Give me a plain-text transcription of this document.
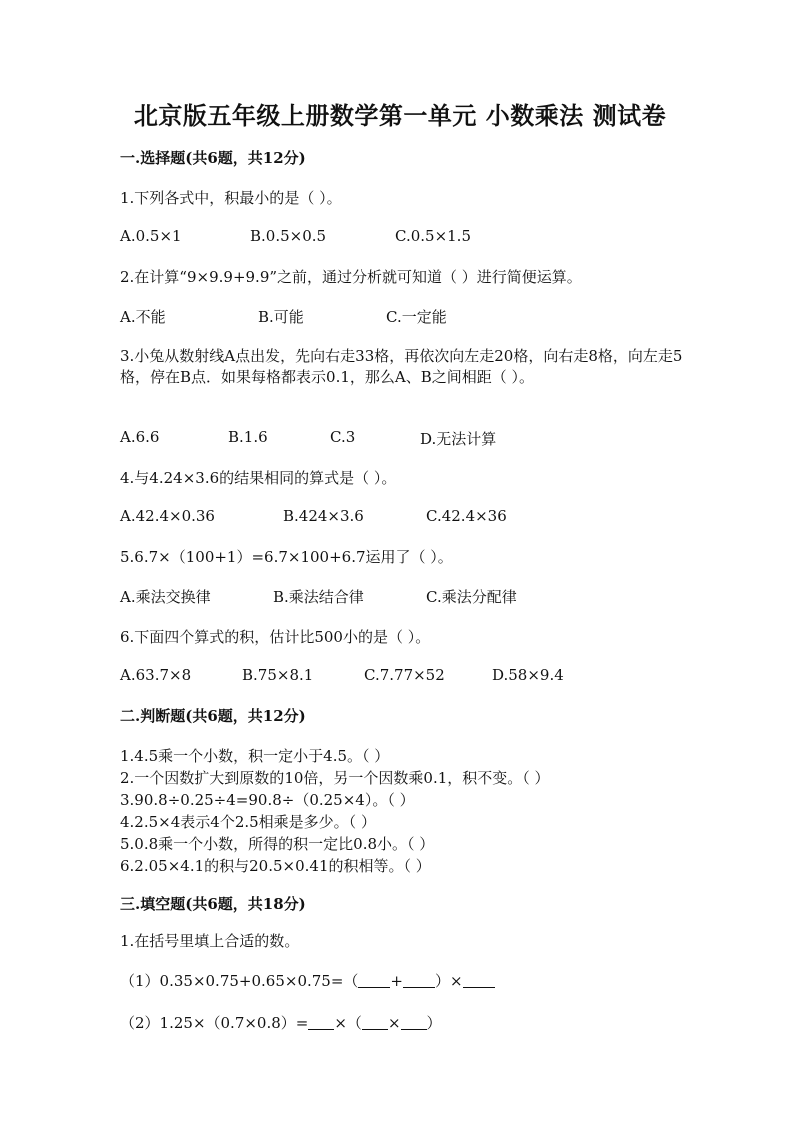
北京版五年级上册数学第一单元 小数乘法 测试卷
一.选择题(共6题，共12分)
1.下列各式中，积最小的是（ ）。
A.0.5×1	B.0.5×0.5	C.0.5×1.5
2.在计算“9×9.9+9.9”之前，通过分析就可知道（ ）进行简便运算。
A.不能	B.可能	C.一定能
3.小兔从数射线A点出发，先向右走33格，再依次向左走20格，向右走8格，向左走5格，停在B点．如果每格都表示0.1，那么A、B之间相距（ ）。
A.6.6	B.1.6	C.3	D.无法计算
4.与4.24×3.6的结果相同的算式是（ ）。
A.42.4×0.36	B.424×3.6	C.42.4×36
5.6.7×（100+1）=6.7×100+6.7运用了（ ）。
A.乘法交换律	B.乘法结合律	C.乘法分配律
6.下面四个算式的积，估计比500小的是（ ）。
A.63.7×8	B.75×8.1	C.7.77×52	D.58×9.4
二.判断题(共6题，共12分)
1.4.5乘一个小数，积一定小于4.5。（ ）
2.一个因数扩大到原数的10倍，另一个因数乘0.1，积不变。（ ）
3.90.8÷0.25÷4=90.8÷（0.25×4）。（ ）
4.2.5×4表示4个2.5相乘是多少。（ ）
5.0.8乘一个小数，所得的积一定比0.8小。（ ）
6.2.05×4.1的积与20.5×0.41的积相等。（ ）
三.填空题(共6题，共18分)
1.在括号里填上合适的数。
（1）0.35×0.75+0.65×0.75=（ + ）×
（2）1.25×（0.7×0.8）= ×（ × ）
